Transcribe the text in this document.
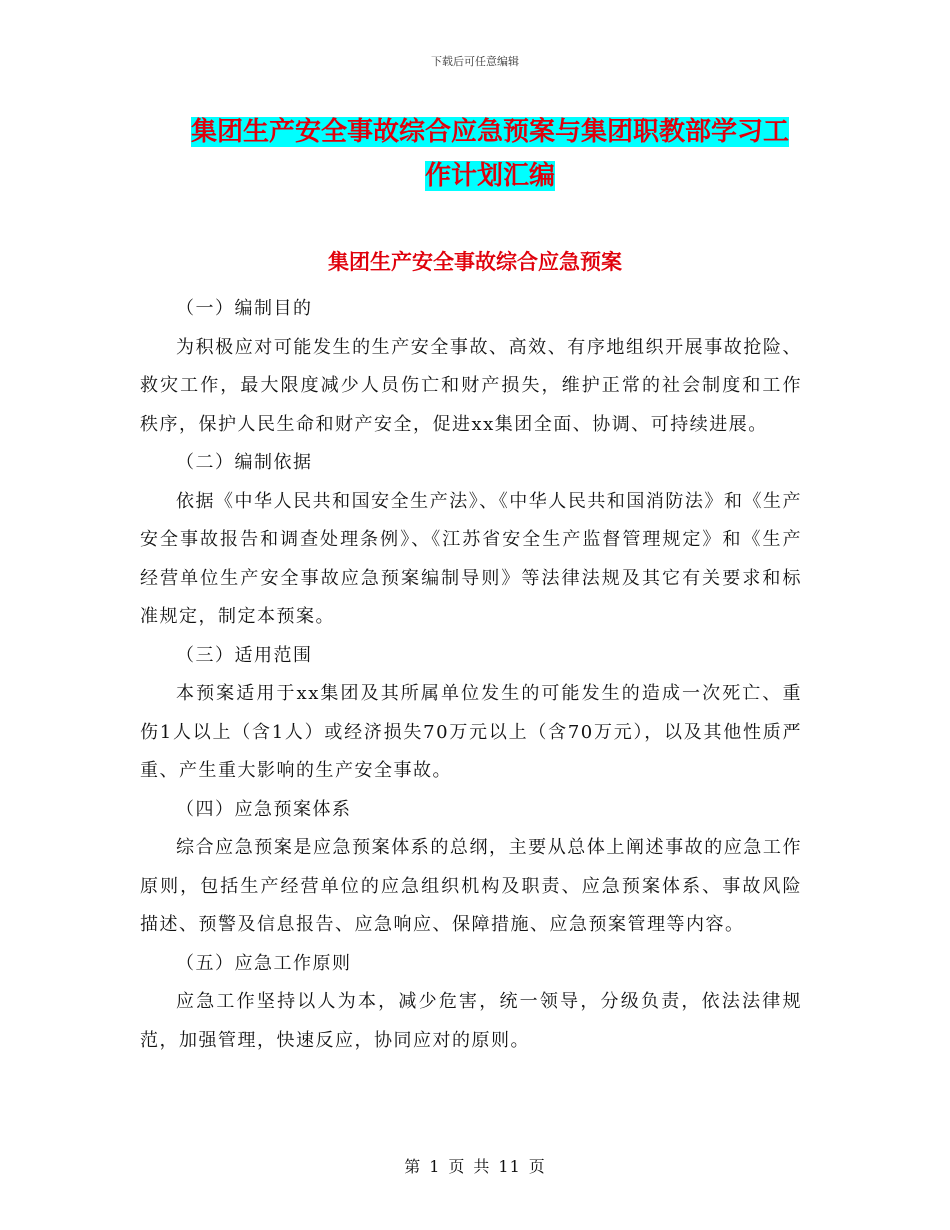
下载后可任意编辑
集团生产安全事故综合应急预案与集团职教部学习工
作计划汇编
集团生产安全事故综合应急预案

（一）编制目的

为积极应对可能发生的生产安全事故、高效、有序地组织开展事故抢险、救灾工作，最大限度减少人员伤亡和财产损失，维护正常的社会制度和工作秩序，保护人民生命和财产安全，促进xx集团全面、协调、可持续进展。

（二）编制依据

依据《中华人民共和国安全生产法》、《中华人民共和国消防法》和《生产安全事故报告和调查处理条例》、《江苏省安全生产监督管理规定》和《生产经营单位生产安全事故应急预案编制导则》等法律法规及其它有关要求和标准规定，制定本预案。

（三）适用范围

本预案适用于xx集团及其所属单位发生的可能发生的造成一次死亡、重伤1人以上（含1人）或经济损失70万元以上（含70万元），以及其他性质严重、产生重大影响的生产安全事故。

（四）应急预案体系

综合应急预案是应急预案体系的总纲，主要从总体上阐述事故的应急工作原则，包括生产经营单位的应急组织机构及职责、应急预案体系、事故风险描述、预警及信息报告、应急响应、保障措施、应急预案管理等内容。

（五）应急工作原则

应急工作坚持以人为本，减少危害，统一领导，分级负责，依法法律规范，加强管理，快速反应，协同应对的原则。

第 1 页 共 11 页
